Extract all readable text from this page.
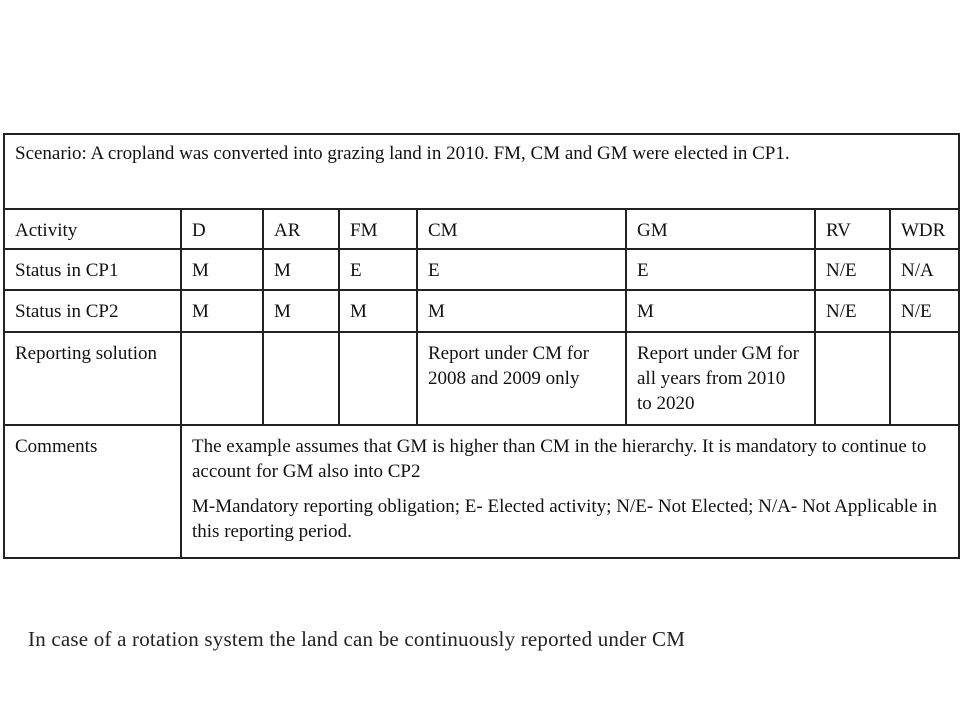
Scenario: A cropland was converted into grazing land in 2010. FM, CM and GM were elected in CP1.							
Activity	D	AR	FM	CM	GM	RV	WDR
Status in CP1	M	M	E	E	E	N/E	N/A
Status in CP2	M	M	M	M	M	N/E	N/E
Reporting solution				Report under CM for 2008 and 2009 only	Report under GM for all years from 2010 to 2020		
Comments	The example assumes that GM is higher than CM in the hierarchy. It is mandatory to continue to account for GM also into CP2

M-Mandatory reporting obligation; E- Elected activity; N/E- Not Elected; N/A- Not Applicable in this reporting period.						

In case of a rotation system the land can be continuously reported under CM
